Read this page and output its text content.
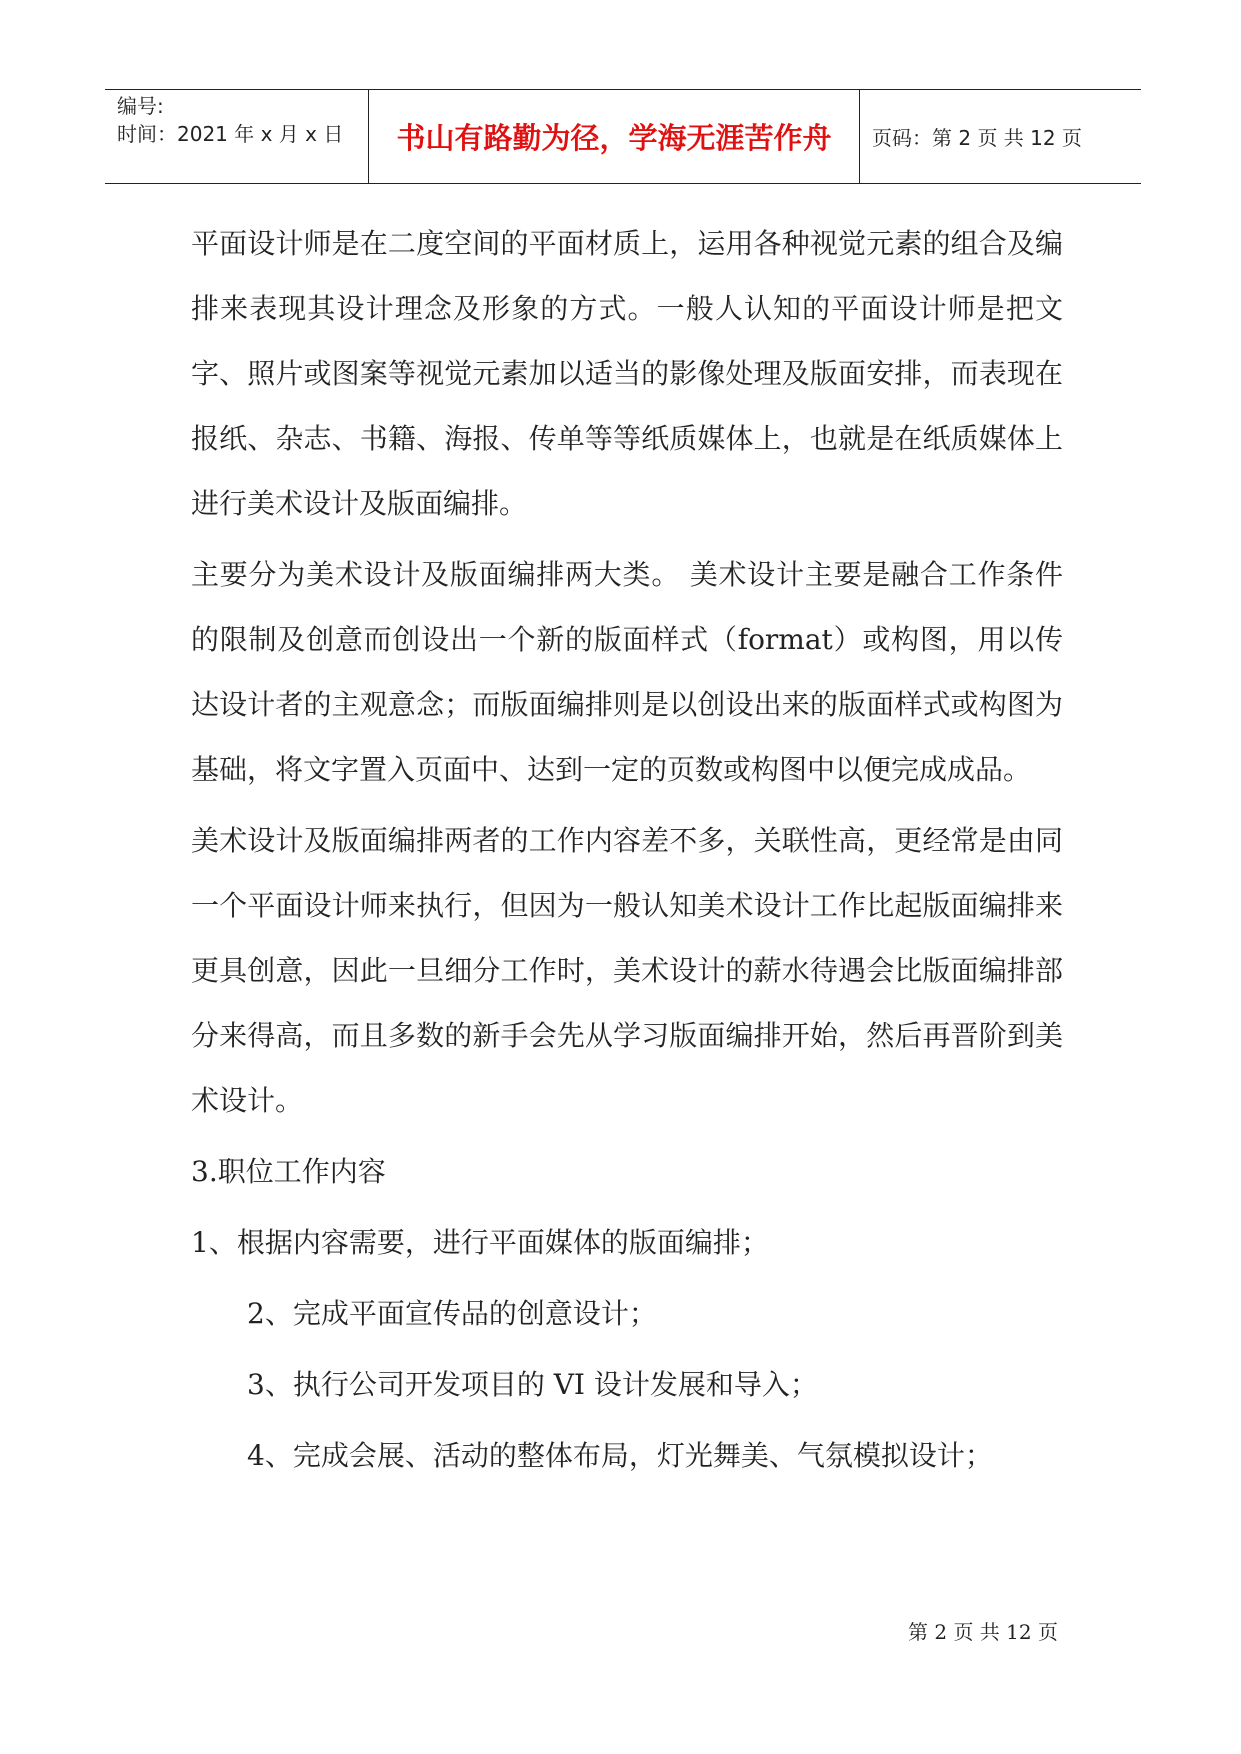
编号:
时间：2021 年 x 月 x 日	书山有路勤为径，学海无涯苦作舟	页码：第 2 页 共 12 页

平面设计师是在二度空间的平面材质上，运用各种视觉元素的组合及编排来表现其设计理念及形象的方式。一般人认知的平面设计师是把文字、照片或图案等视觉元素加以适当的影像处理及版面安排，而表现在报纸、杂志、书籍、海报、传单等等纸质媒体上，也就是在纸质媒体上进行美术设计及版面编排。

主要分为美术设计及版面编排两大类。 美术设计主要是融合工作条件的限制及创意而创设出一个新的版面样式（format）或构图，用以传达设计者的主观意念；而版面编排则是以创设出来的版面样式或构图为基础，将文字置入页面中、达到一定的页数或构图中以便完成成品。

美术设计及版面编排两者的工作内容差不多，关联性高，更经常是由同一个平面设计师来执行，但因为一般认知美术设计工作比起版面编排来更具创意，因此一旦细分工作时，美术设计的薪水待遇会比版面编排部分来得高，而且多数的新手会先从学习版面编排开始，然后再晋阶到美术设计。

3.职位工作内容
1、根据内容需要，进行平面媒体的版面编排；
2、完成平面宣传品的创意设计；
3、执行公司开发项目的 VI 设计发展和导入；
4、完成会展、活动的整体布局，灯光舞美、气氛模拟设计；
第 2 页 共 12 页
